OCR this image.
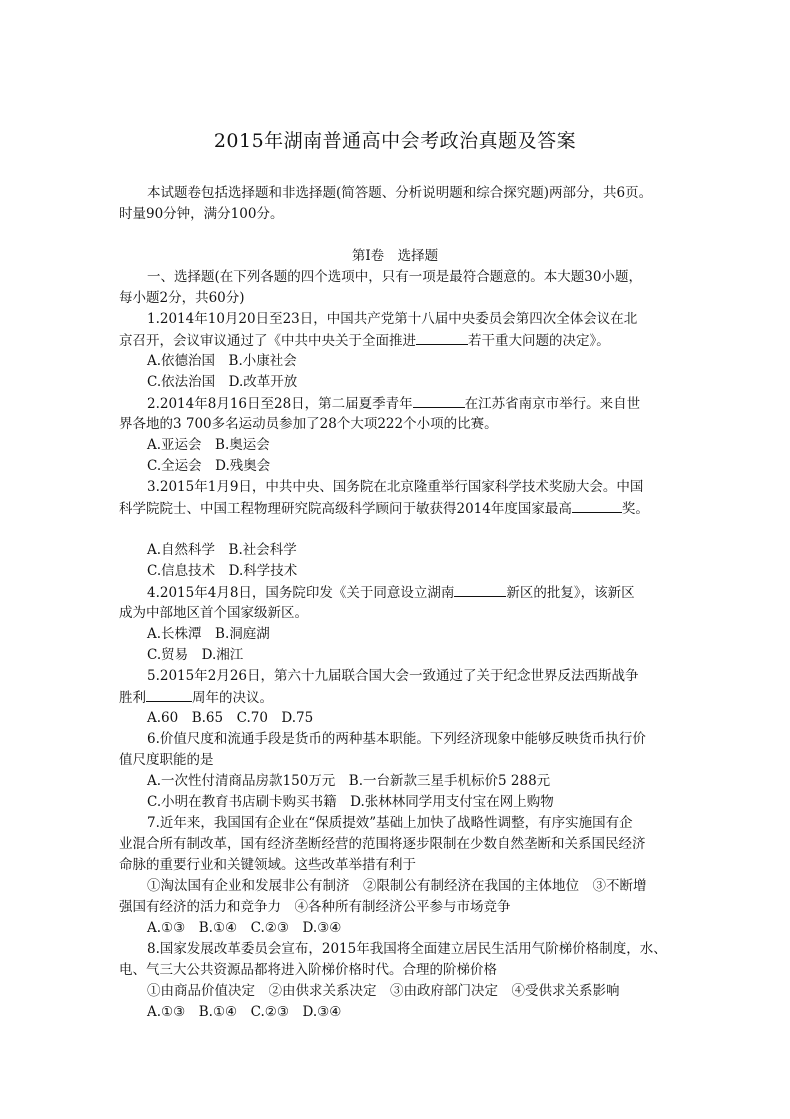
2015年湖南普通高中会考政治真题及答案
本试题卷包括选择题和非选择题(简答题、分析说明题和综合探究题)两部分，共6页。
时量90分钟，满分100分。
第Ⅰ卷　选择题
一、选择题(在下列各题的四个选项中，只有一项是最符合题意的。本大题30小题，
每小题2分，共60分)
1.2014年10月20日至23日，中国共产党第十八届中央委员会第四次全体会议在北
京召开，会议审议通过了《中共中央关于全面推进	若干重大问题的决定》。
A.依德治国　B.小康社会
C.依法治国　D.改革开放
2.2014年8月16日至28日，第二届夏季青年	在江苏省南京市举行。来自世
界各地的3 700多名运动员参加了28个大项222个小项的比赛。
A.亚运会　B.奥运会
C.全运会　D.残奥会
3.2015年1月9日，中共中央、国务院在北京隆重举行国家科学技术奖励大会。中国
科学院院士、中国工程物理研究院高级科学顾问于敏获得2014年度国家最高	奖。
A.自然科学　B.社会科学
C.信息技术　D.科学技术
4.2015年4月8日，国务院印发《关于同意设立湖南	新区的批复》，该新区
成为中部地区首个国家级新区。
A.长株潭　B.洞庭湖
C.贸易　D.湘江
5.2015年2月26日，第六十九届联合国大会一致通过了关于纪念世界反法西斯战争
胜利	周年的决议。
A.60　B.65　C.70　D.75
6.价值尺度和流通手段是货币的两种基本职能。下列经济现象中能够反映货币执行价
值尺度职能的是
A.一次性付清商品房款150万元　B.一台新款三星手机标价5 288元
C.小明在教育书店刷卡购买书籍　D.张林林同学用支付宝在网上购物
7.近年来，我国国有企业在“保质提效”基础上加快了战略性调整，有序实施国有企
业混合所有制改革，国有经济垄断经营的范围将逐步限制在少数自然垄断和关系国民经济
命脉的重要行业和关键领域。这些改革举措有利于
①淘汰国有企业和发展非公有制济　②限制公有制经济在我国的主体地位　③不断增
强国有经济的活力和竞争力　④各种所有制经济公平参与市场竞争
A.①③　B.①④　C.②③　D.③④
8.国家发展改革委员会宣布，2015年我国将全面建立居民生活用气阶梯价格制度，水、
电、气三大公共资源品都将进入阶梯价格时代。合理的阶梯价格
①由商品价值决定　②由供求关系决定　③由政府部门决定　④受供求关系影响
A.①③　B.①④　C.②③　D.③④
